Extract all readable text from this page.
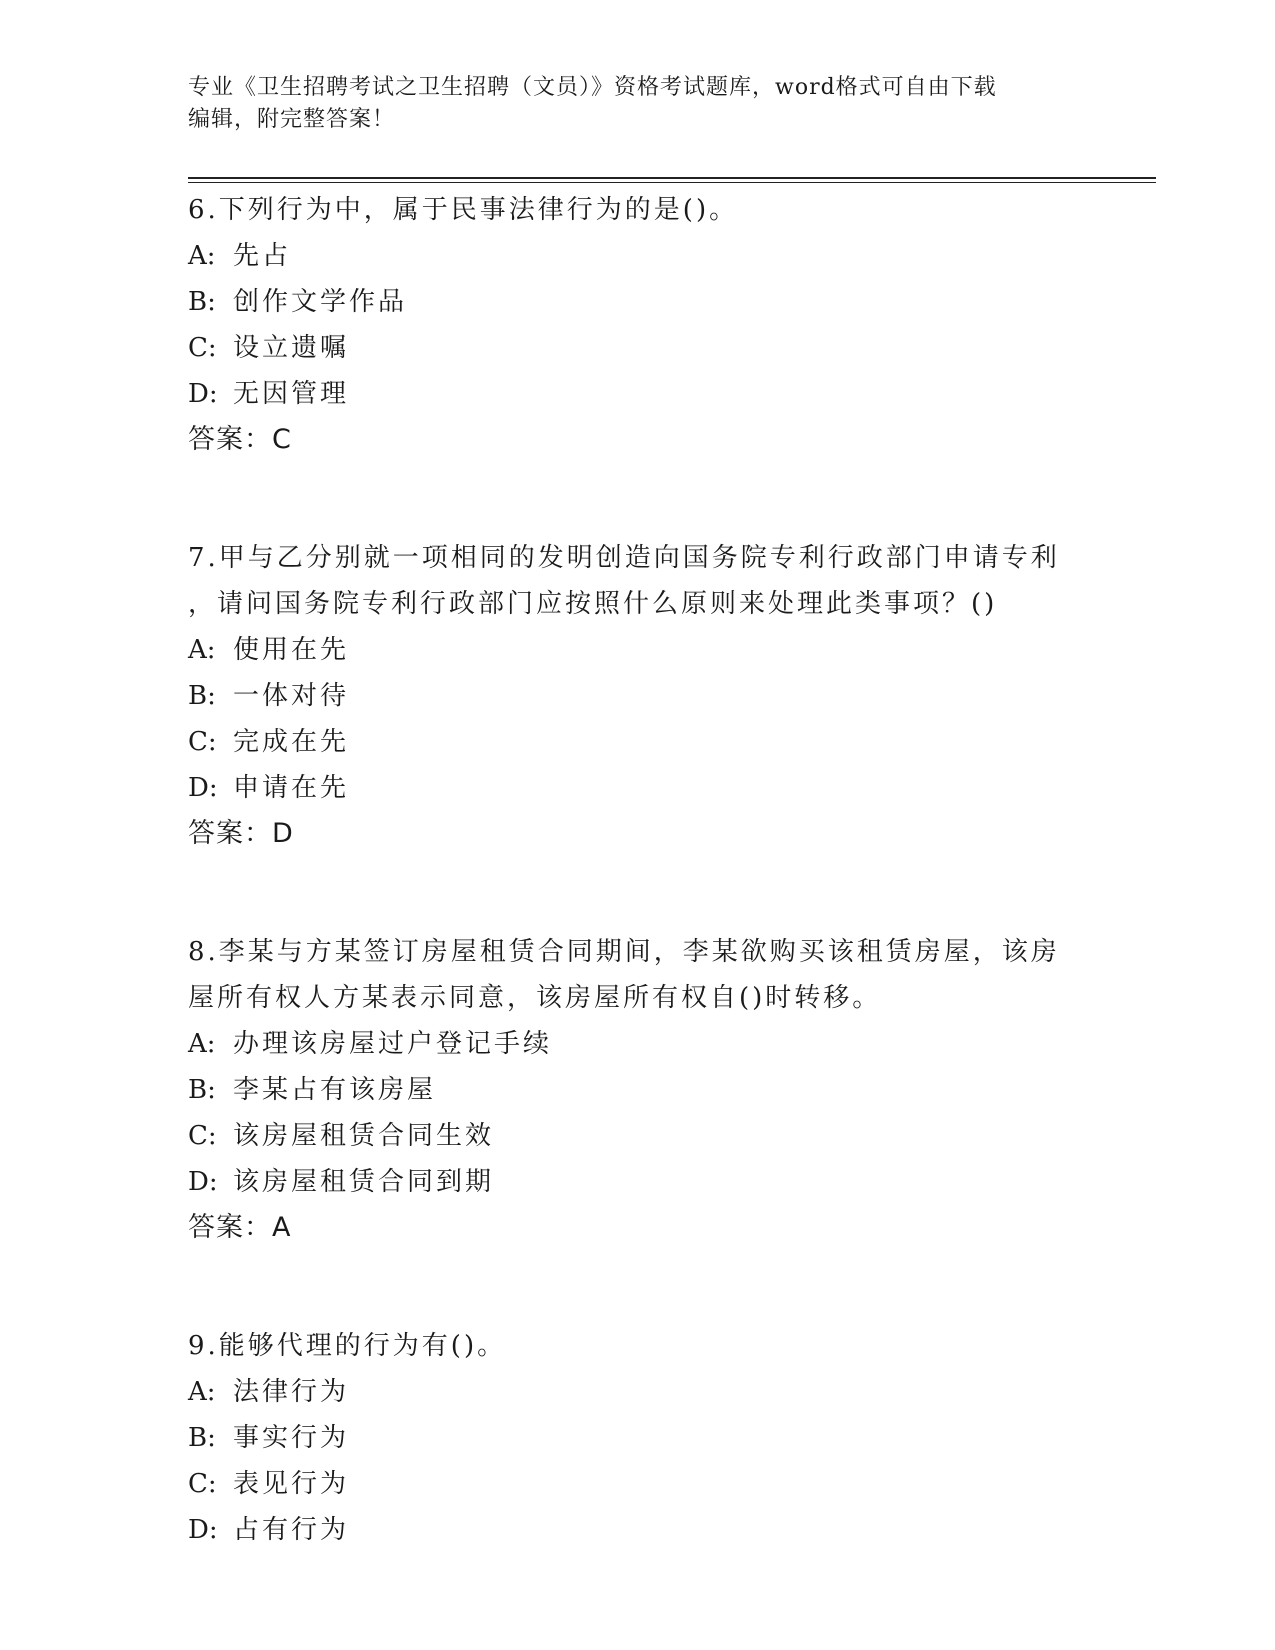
专业《卫生招聘考试之卫生招聘（文员）》资格考试题库，word格式可自由下载
编辑，附完整答案！
6.下列行为中，属于民事法律行为的是()。
A: 先占
B: 创作文学作品
C: 设立遗嘱
D: 无因管理
答案：C
7.甲与乙分别就一项相同的发明创造向国务院专利行政部门申请专利
，请问国务院专利行政部门应按照什么原则来处理此类事项？()
A: 使用在先
B: 一体对待
C: 完成在先
D: 申请在先
答案：D
8.李某与方某签订房屋租赁合同期间，李某欲购买该租赁房屋，该房
屋所有权人方某表示同意，该房屋所有权自()时转移。
A: 办理该房屋过户登记手续
B: 李某占有该房屋
C: 该房屋租赁合同生效
D: 该房屋租赁合同到期
答案：A
9.能够代理的行为有()。
A: 法律行为
B: 事实行为
C: 表见行为
D: 占有行为
